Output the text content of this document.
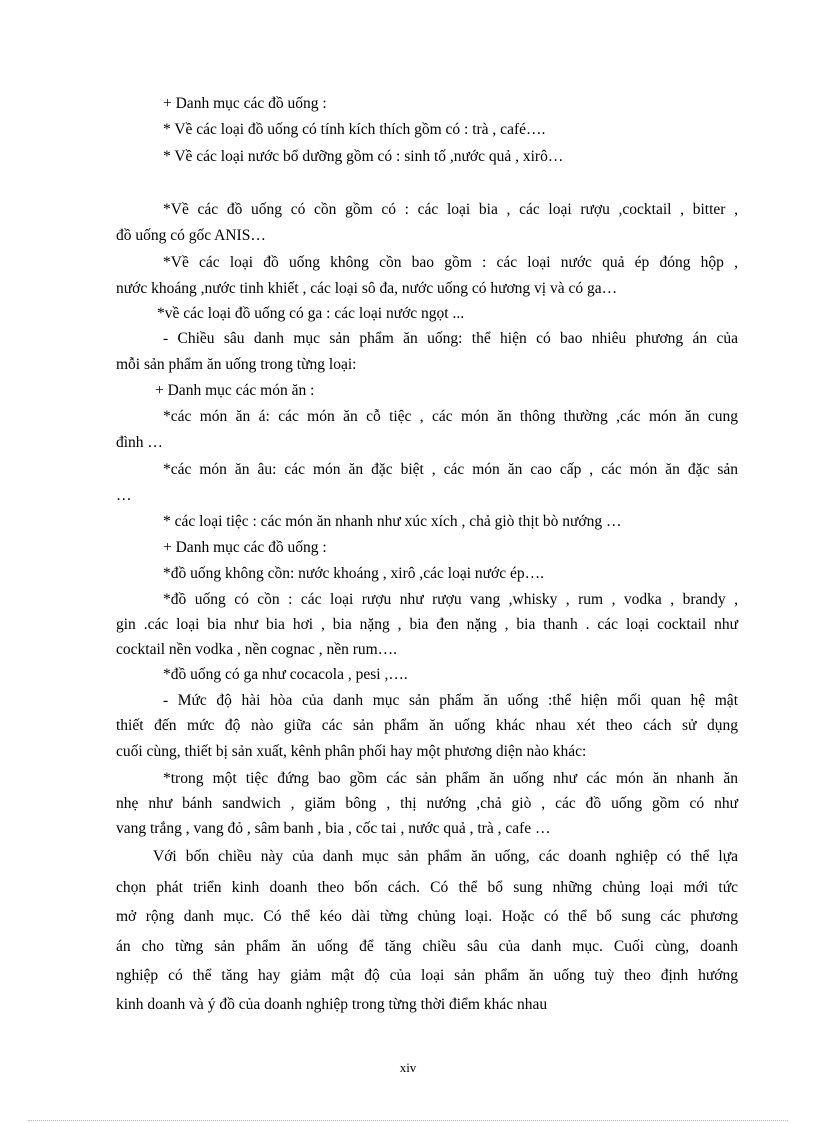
+ Danh mục các đồ uống :
* Về các loại đồ uống có tính kích thích gồm có : trà , café….
* Về các loại nước bổ dưỡng gồm có : sinh tố ,nước quả , xirô…
*Về các đồ uống có cồn gồm có : các loại bia , các loại rượu ,cocktail , bitter ,
đồ uống có gốc ANIS…
*Về các loại đồ uống không cồn bao gồm : các loại nước quả ép đóng hộp ,
nước khoáng ,nước tinh khiết , các loại sô đa, nước uống có hương vị và có ga…
*về các loại đồ uống có ga : các loại nước ngọt ...
- Chiều sâu danh mục sản phẩm ăn uống: thể hiện có bao nhiêu phương án của
mỗi sản phẩm ăn uống trong từng loại:
+ Danh mục các món ăn :
*các món ăn á: các món ăn cỗ tiệc , các món ăn thông thường ,các món ăn cung
đình …
*các món ăn âu: các món ăn đặc biệt , các món ăn cao cấp , các món ăn đặc sản
…
* các loại tiệc : các món ăn nhanh như xúc xích , chả giò thịt bò nướng …
+ Danh mục các đồ uống :
*đồ uống không cồn: nước khoáng , xirô ,các loại nước ép….
*đồ uống có cồn : các loại rượu như rượu vang ,whisky , rum , vodka , brandy ,
gin .các loại bia như bia hơi , bia nặng , bia đen nặng , bia thanh . các loại cocktail như
cocktail nền vodka , nền cognac , nền rum….
*đồ uống có ga như cocacola , pesi ,….
- Mức độ hài hòa của danh mục sản phẩm ăn uống :thể hiện mối quan hệ mật
thiết đến mức độ nào giữa các sản phẩm ăn uống khác nhau xét theo cách sử dụng
cuối cùng, thiết bị sản xuất, kênh phân phối hay một phương diện nào khác:
*trong một tiệc đứng bao gồm các sản phẩm ăn uống như các món ăn nhanh ăn
nhẹ như bánh sandwich , giăm bông , thị nướng ,chả giò , các đồ uống gồm có như
vang trắng , vang đỏ , sâm banh , bia , cốc tai , nước quả , trà , cafe …
Với bốn chiều này của danh mục sản phẩm ăn uống, các doanh nghiệp có thể lựa
chọn phát triển kinh doanh theo bốn cách. Có thể bổ sung những chủng loại mới tức
mở rộng danh mục. Có thể kéo dài từng chủng loại. Hoặc có thể bổ sung các phương
án cho từng sản phẩm ăn uống để tăng chiều sâu của danh mục. Cuối cùng, doanh
nghiệp có thể tăng hay giảm mật độ của loại sản phẩm ăn uống tuỳ theo định hướng
kinh doanh và ý đồ của doanh nghiệp trong từng thời điểm khác nhau
xiv
